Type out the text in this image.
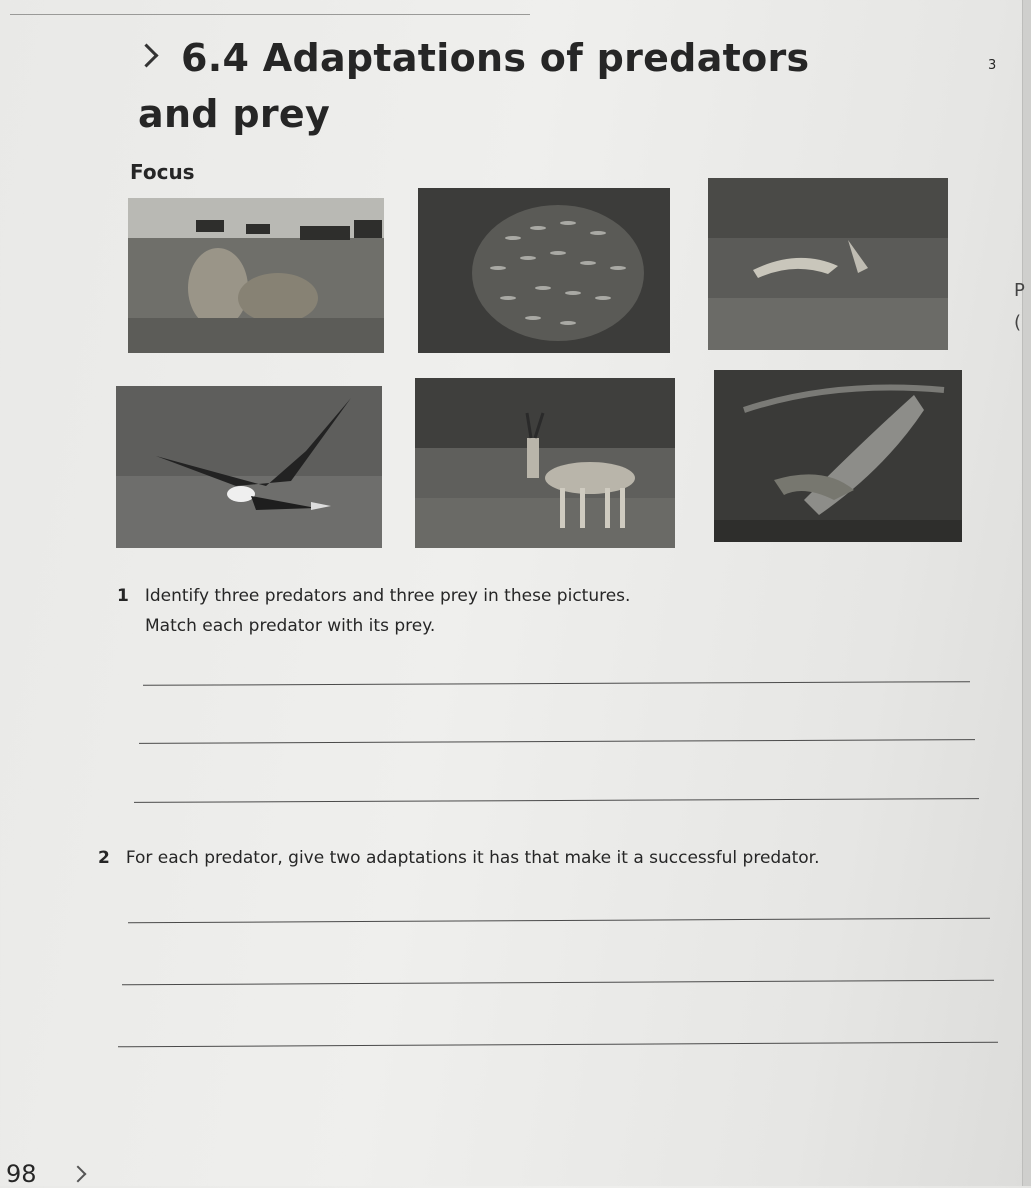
6.4 Adaptations of predators
and prey
3
Focus
P
(
1 Identify three predators and three prey in these pictures.
Match each predator with its prey.
2 For each predator, give two adaptations it has that make it a successful predator.
98
